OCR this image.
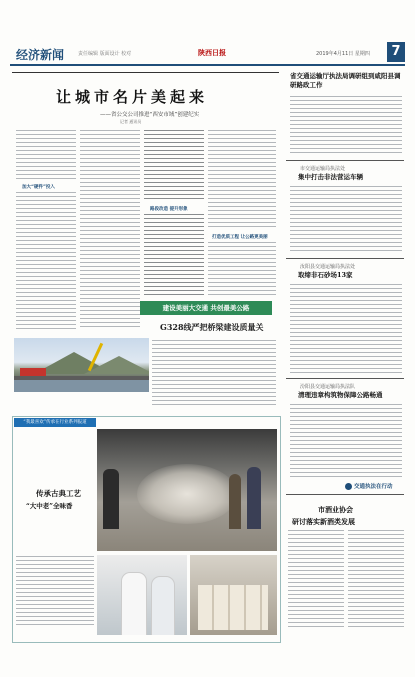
经济新闻	责任编辑 版面设计 校对	陕西日报	2019年4月11日 星期四	7
让城市名片美起来
——省公交公司推进“西安市域”创建纪实
记者 通讯员
加大“硬件”投入
路段改造 提升形象
打造优质工程 让公路更美丽
建设美丽大交通 共创最美公路
G328线严把桥梁建设质量关
省交通运输厅执法局调研组到咸阳县调研路政工作
市交通运输局执法处
集中打击非法营运车辆
汝阳县交通运输局执法处
取缔非石砂场13家
汾阳县交通运输局执法队
清理违章构筑物保障公路畅通
交通执法在行动
“我最喜欢”传承在行业系列报道
传承古典工艺
“大中老”全味香	市酒业协会
研讨落实新酒类发展
